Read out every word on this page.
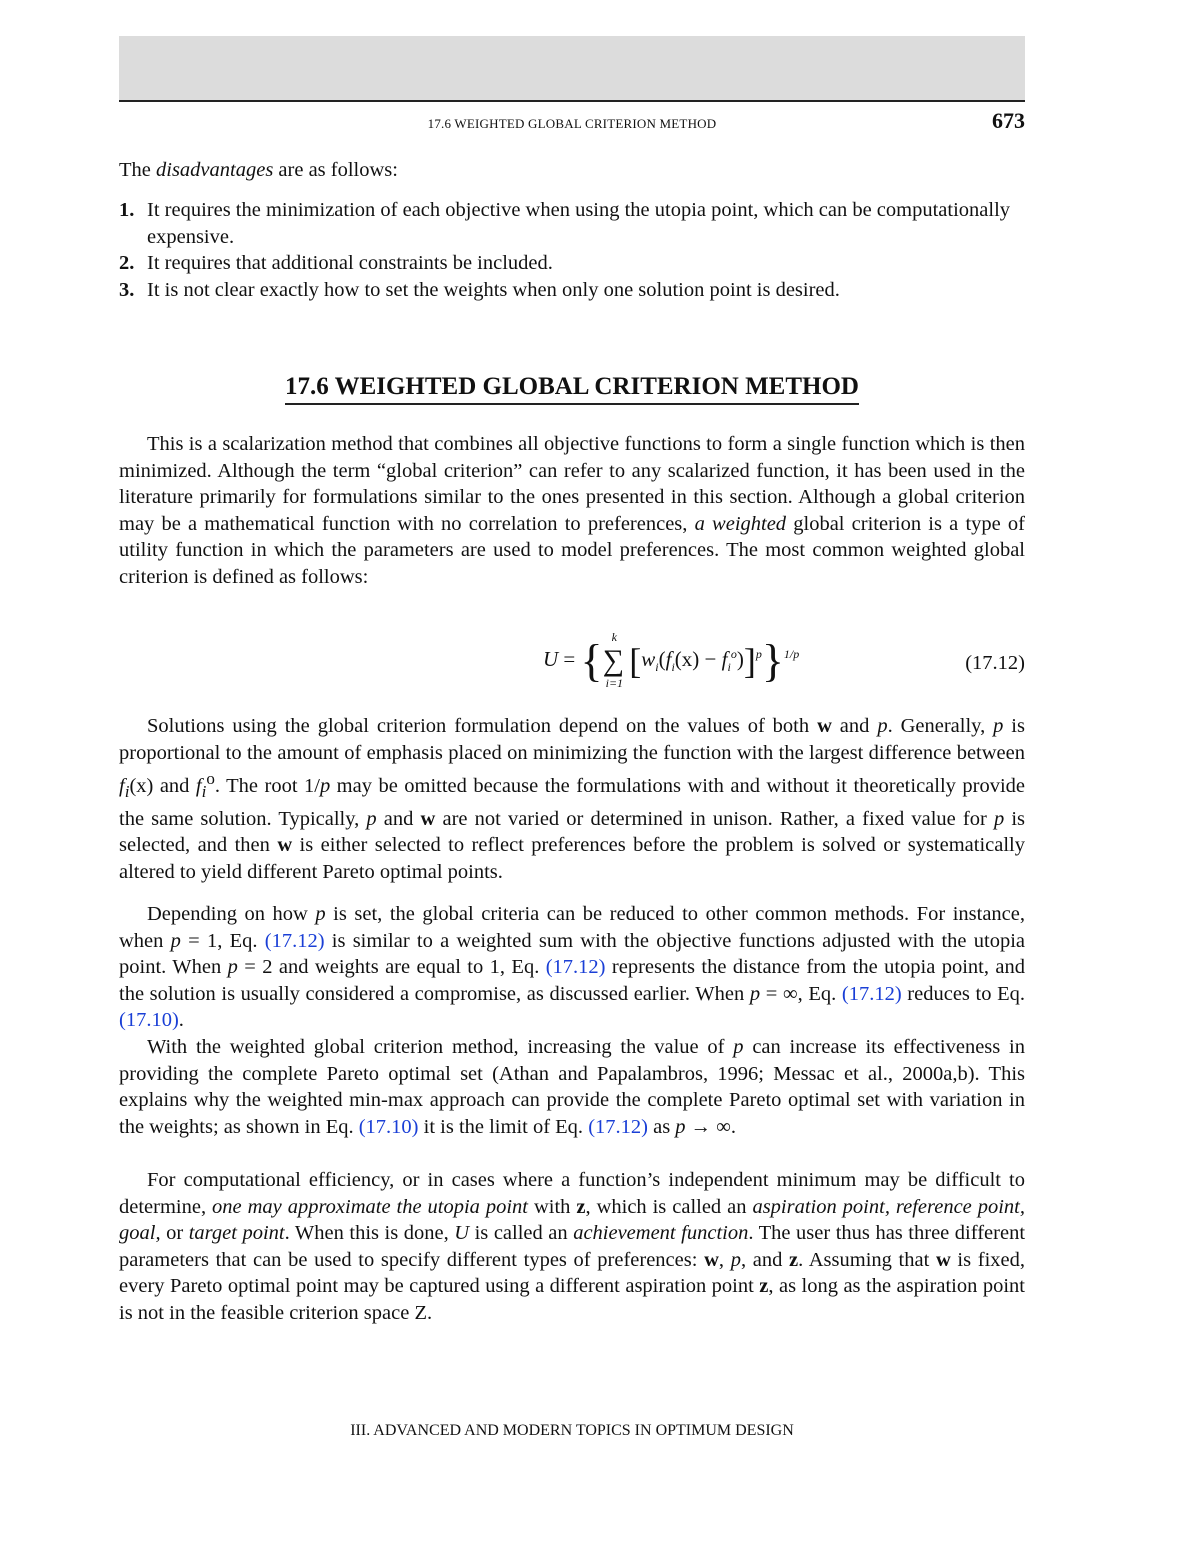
17.6 WEIGHTED GLOBAL CRITERION METHOD	673

The disadvantages are as follows:

1. It requires the minimization of each objective when using the utopia point, which can be computationally expensive.
2. It requires that additional constraints be included.
3. It is not clear exactly how to set the weights when only one solution point is desired.
17.6 WEIGHTED GLOBAL CRITERION METHOD

This is a scalarization method that combines all objective functions to form a single function which is then minimized. Although the term “global criterion” can refer to any scalarized function, it has been used in the literature primarily for formulations similar to the ones presented in this section. Although a global criterion may be a mathematical function with no correlation to preferences, a weighted global criterion is a type of utility function in which the parameters are used to model preferences. The most common weighted global criterion is defined as follows:

U = {∑
k
i=1
$[w_i(f_i(x) - f_i^o)]^p\}^{1/p}$	(17.12)

Solutions using the global criterion formulation depend on the values of both w and p. Generally, p is proportional to the amount of emphasis placed on minimizing the function with the largest difference between $f_i(x)$ and $f_i^o$. The root 1/p may be omitted because the formulations with and without it theoretically provide the same solution. Typically, p and w are not varied or determined in unison. Rather, a fixed value for p is selected, and then w is either selected to reflect preferences before the problem is solved or systematically altered to yield different Pareto optimal points.

Depending on how p is set, the global criteria can be reduced to other common methods. For instance, when p = 1, Eq. (17.12) is similar to a weighted sum with the objective functions adjusted with the utopia point. When p = 2 and weights are equal to 1, Eq. (17.12) represents the distance from the utopia point, and the solution is usually considered a compromise, as discussed earlier. When p = ∞, Eq. (17.12) reduces to Eq. (17.10).

With the weighted global criterion method, increasing the value of p can increase its effectiveness in providing the complete Pareto optimal set (Athan and Papalambros, 1996; Messac et al., 2000a,b). This explains why the weighted min-max approach can provide the complete Pareto optimal set with variation in the weights; as shown in Eq. (17.10) it is the limit of Eq. (17.12) as p → ∞.

For computational efficiency, or in cases where a function’s independent minimum may be difficult to determine, one may approximate the utopia point with z, which is called an aspiration point, reference point, goal, or target point. When this is done, U is called an achievement function. The user thus has three different parameters that can be used to specify different types of preferences: w, p, and z. Assuming that w is fixed, every Pareto optimal point may be captured using a different aspiration point z, as long as the aspiration point is not in the feasible criterion space Z.

III. ADVANCED AND MODERN TOPICS IN OPTIMUM DESIGN
